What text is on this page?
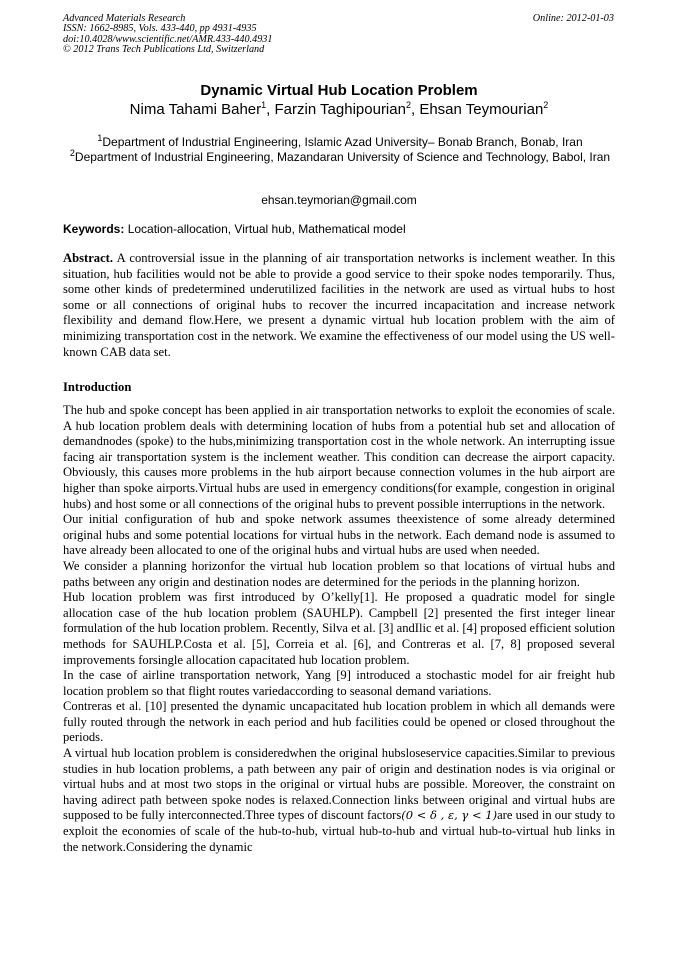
Advanced Materials Research
ISSN: 1662-8985, Vols. 433-440, pp 4931-4935
doi:10.4028/www.scientific.net/AMR.433-440.4931
© 2012 Trans Tech Publications Ltd, Switzerland
Online: 2012-01-03
Dynamic Virtual Hub Location Problem
Nima Tahami Baher$^1$, Farzin Taghipourian$^2$, Ehsan Teymourian$^2$
$^1$Department of Industrial Engineering, Islamic Azad University– Bonab Branch, Bonab, Iran
$^2$Department of Industrial Engineering, Mazandaran University of Science and Technology, Babol, Iran
ehsan.teymorian@gmail.com
Keywords: Location-allocation, Virtual hub, Mathematical model
Abstract. A controversial issue in the planning of air transportation networks is inclement weather. In this situation, hub facilities would not be able to provide a good service to their spoke nodes temporarily. Thus, some other kinds of predetermined underutilized facilities in the network are used as virtual hubs to host some or all connections of original hubs to recover the incurred incapacitation and increase network flexibility and demand flow.Here, we present a dynamic virtual hub location problem with the aim of minimizing transportation cost in the network. We examine the effectiveness of our model using the US well-known CAB data set.
Introduction

The hub and spoke concept has been applied in air transportation networks to exploit the economies of scale. A hub location problem deals with determining location of hubs from a potential hub set and allocation of demandnodes (spoke) to the hubs,minimizing transportation cost in the whole network. An interrupting issue facing air transportation system is the inclement weather. This condition can decrease the airport capacity. Obviously, this causes more problems in the hub airport because connection volumes in the hub airport are higher than spoke airports.Virtual hubs are used in emergency conditions(for example, congestion in original hubs) and host some or all connections of the original hubs to prevent possible interruptions in the network.

Our initial configuration of hub and spoke network assumes theexistence of some already determined original hubs and some potential locations for virtual hubs in the network. Each demand node is assumed to have already been allocated to one of the original hubs and virtual hubs are used when needed.

We consider a planning horizonfor the virtual hub location problem so that locations of virtual hubs and paths between any origin and destination nodes are determined for the periods in the planning horizon.

Hub location problem was first introduced by O’kelly[1]. He proposed a quadratic model for single allocation case of the hub location problem (SAUHLP). Campbell [2] presented the first integer linear formulation of the hub location problem. Recently, Silva et al. [3] andIlic et al. [4] proposed efficient solution methods for SAUHLP.Costa et al. [5], Correia et al. [6], and Contreras et al. [7, 8] proposed several improvements forsingle allocation capacitated hub location problem.

In the case of airline transportation network, Yang [9] introduced a stochastic model for air freight hub location problem so that flight routes variedaccording to seasonal demand variations.

Contreras et al. [10] presented the dynamic uncapacitated hub location problem in which all demands were fully routed through the network in each period and hub facilities could be opened or closed throughout the periods.

A virtual hub location problem is consideredwhen the original hubsloseservice capacities.Similar to previous studies in hub location problems, a path between any pair of origin and destination nodes is via original or virtual hubs and at most two stops in the original or virtual hubs are possible. Moreover, the constraint on having adirect path between spoke nodes is relaxed.Connection links between original and virtual hubs are supposed to be fully interconnected.Three types of discount factors(0 < δ , ε, γ < 1)are used in our study to exploit the economies of scale of the hub-to-hub, virtual hub-to-hub and virtual hub-to-virtual hub links in the network.Considering the dynamic
